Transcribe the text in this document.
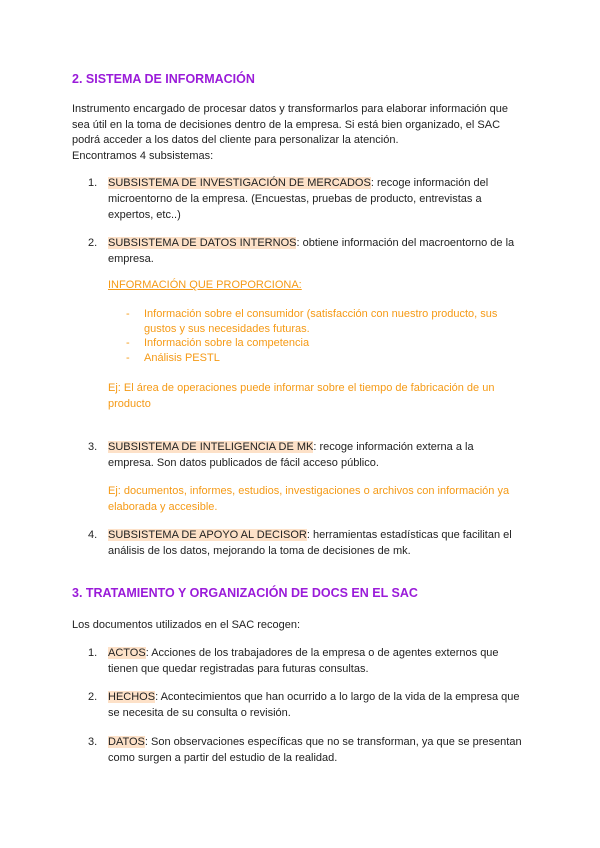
2. SISTEMA DE INFORMACIÓN
Instrumento encargado de procesar datos y transformarlos para elaborar información que
sea útil en la toma de decisiones dentro de la empresa. Si está bien organizado, el SAC
podrá acceder a los datos del cliente para personalizar la atención.
Encontramos 4 subsistemas:
1. SUBSISTEMA DE INVESTIGACIÓN DE MERCADOS: recoge información del
microentorno de la empresa. (Encuestas, pruebas de producto, entrevistas a
expertos, etc..)
2. SUBSISTEMA DE DATOS INTERNOS: obtiene información del macroentorno de la
empresa.
INFORMACIÓN QUE PROPORCIONA:
- Información sobre el consumidor (satisfacción con nuestro producto, sus
gustos y sus necesidades futuras.
- Información sobre la competencia
- Análisis PESTL
Ej: El área de operaciones puede informar sobre el tiempo de fabricación de un
producto
3. SUBSISTEMA DE INTELIGENCIA DE MK: recoge información externa a la
empresa. Son datos publicados de fácil acceso público.
Ej: documentos, informes, estudios, investigaciones o archivos con información ya
elaborada y accesible.
4. SUBSISTEMA DE APOYO AL DECISOR: herramientas estadísticas que facilitan el
análisis de los datos, mejorando la toma de decisiones de mk.
3. TRATAMIENTO Y ORGANIZACIÓN DE DOCS EN EL SAC
Los documentos utilizados en el SAC recogen:
1. ACTOS: Acciones de los trabajadores de la empresa o de agentes externos que
tienen que quedar registradas para futuras consultas.
2. HECHOS: Acontecimientos que han ocurrido a lo largo de la vida de la empresa que
se necesita de su consulta o revisión.
3. DATOS: Son observaciones específicas que no se transforman, ya que se presentan
como surgen a partir del estudio de la realidad.
